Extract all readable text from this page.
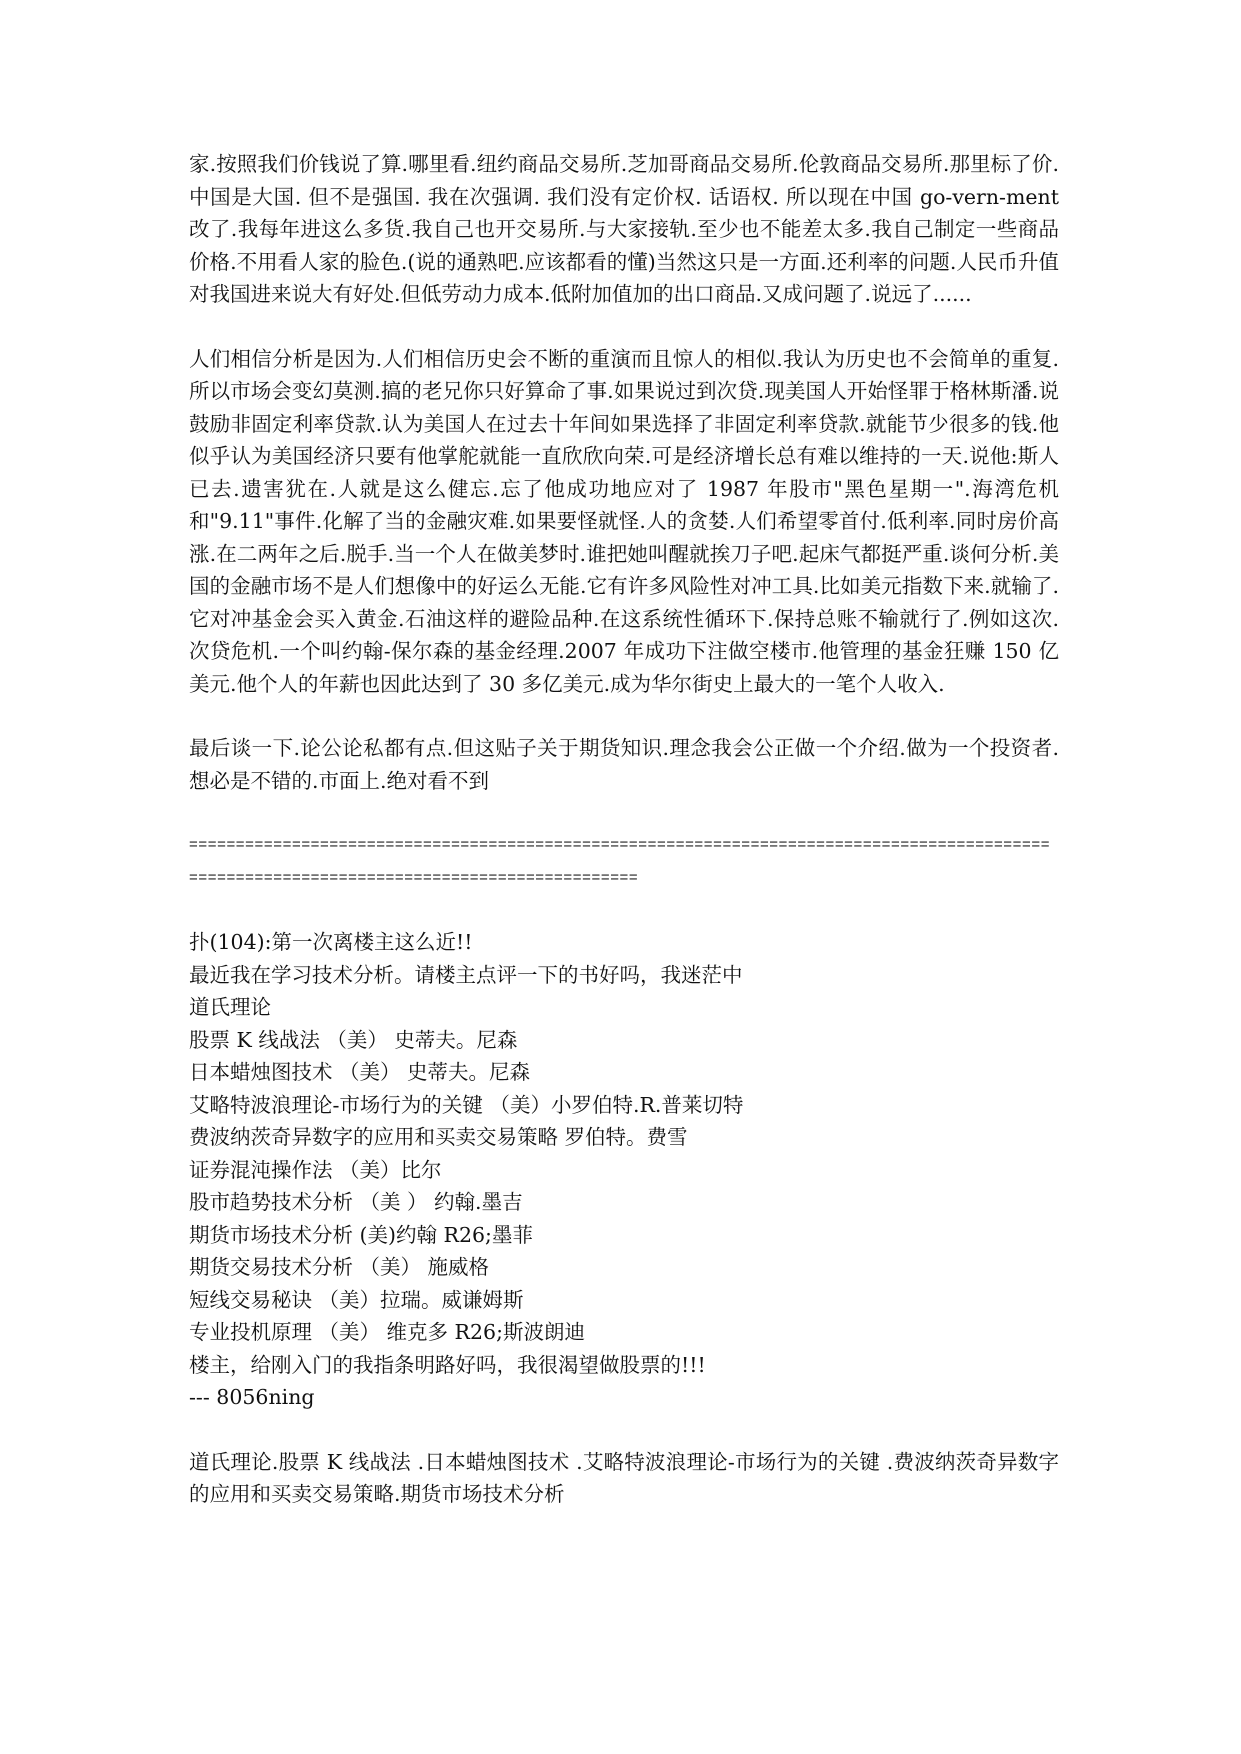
家.按照我们价钱说了算.哪里看.纽约商品交易所.芝加哥商品交易所.伦敦商品交易所.那里标了价. 中国是大国. 但不是强国. 我在次强调. 我们没有定价权. 话语权. 所以现在中国 go-vern-ment 改了.我每年进这么多货.我自己也开交易所.与大家接轨.至少也不能差太多.我自己制定一些商品价格.不用看人家的脸色.(说的通熟吧.应该都看的懂)当然这只是一方面.还利率的问题.人民币升值对我国进来说大有好处.但低劳动力成本.低附加值加的出口商品.又成问题了.说远了......

人们相信分析是因为.人们相信历史会不断的重演而且惊人的相似.我认为历史也不会简单的重复.所以市场会变幻莫测.搞的老兄你只好算命了事.如果说过到次贷.现美国人开始怪罪于格林斯潘.说鼓励非固定利率贷款.认为美国人在过去十年间如果选择了非固定利率贷款.就能节少很多的钱.他似乎认为美国经济只要有他掌舵就能一直欣欣向荣.可是经济增长总有难以维持的一天.说他:斯人已去.遗害犹在.人就是这么健忘.忘了他成功地应对了 1987 年股市"黑色星期一".海湾危机和"9.11"事件.化解了当的金融灾难.如果要怪就怪.人的贪婪.人们希望零首付.低利率.同时房价高涨.在二两年之后.脱手.当一个人在做美梦时.谁把她叫醒就挨刀子吧.起床气都挺严重.谈何分析.美国的金融市场不是人们想像中的好运么无能.它有许多风险性对冲工具.比如美元指数下来.就输了.它对冲基金会买入黄金.石油这样的避险品种.在这系统性循环下.保持总账不输就行了.例如这次.次贷危机.一个叫约翰-保尔森的基金经理.2007 年成功下注做空楼市.他管理的基金狂赚 150 亿美元.他个人的年薪也因此达到了 30 多亿美元.成为华尔街史上最大的一笔个人收入.

最后谈一下.论公论私都有点.但这贴子关于期货知识.理念我会公正做一个介绍.做为一个投资者.想必是不错的.市面上.绝对看不到

============================================================================================================================================
扑(104):第一次离楼主这么近!!
最近我在学习技术分析。请楼主点评一下的书好吗，我迷茫中
道氏理论
股票 K 线战法 （美） 史蒂夫。尼森
日本蜡烛图技术 （美） 史蒂夫。尼森
艾略特波浪理论-市场行为的关键 （美）小罗伯特.R.普莱切特
费波纳茨奇异数字的应用和买卖交易策略 罗伯特。费雪
证券混沌操作法 （美）比尔
股市趋势技术分析 （美 ） 约翰.墨吉
期货市场技术分析 (美)约翰 R26;墨菲
期货交易技术分析 （美） 施威格
短线交易秘诀 （美）拉瑞。威谦姆斯
专业投机原理 （美） 维克多 R26;斯波朗迪
楼主，给刚入门的我指条明路好吗，我很渴望做股票的!!!
--- 8056ning

道氏理论.股票 K 线战法 .日本蜡烛图技术 .艾略特波浪理论-市场行为的关键 .费波纳茨奇异数字的应用和买卖交易策略.期货市场技术分析
